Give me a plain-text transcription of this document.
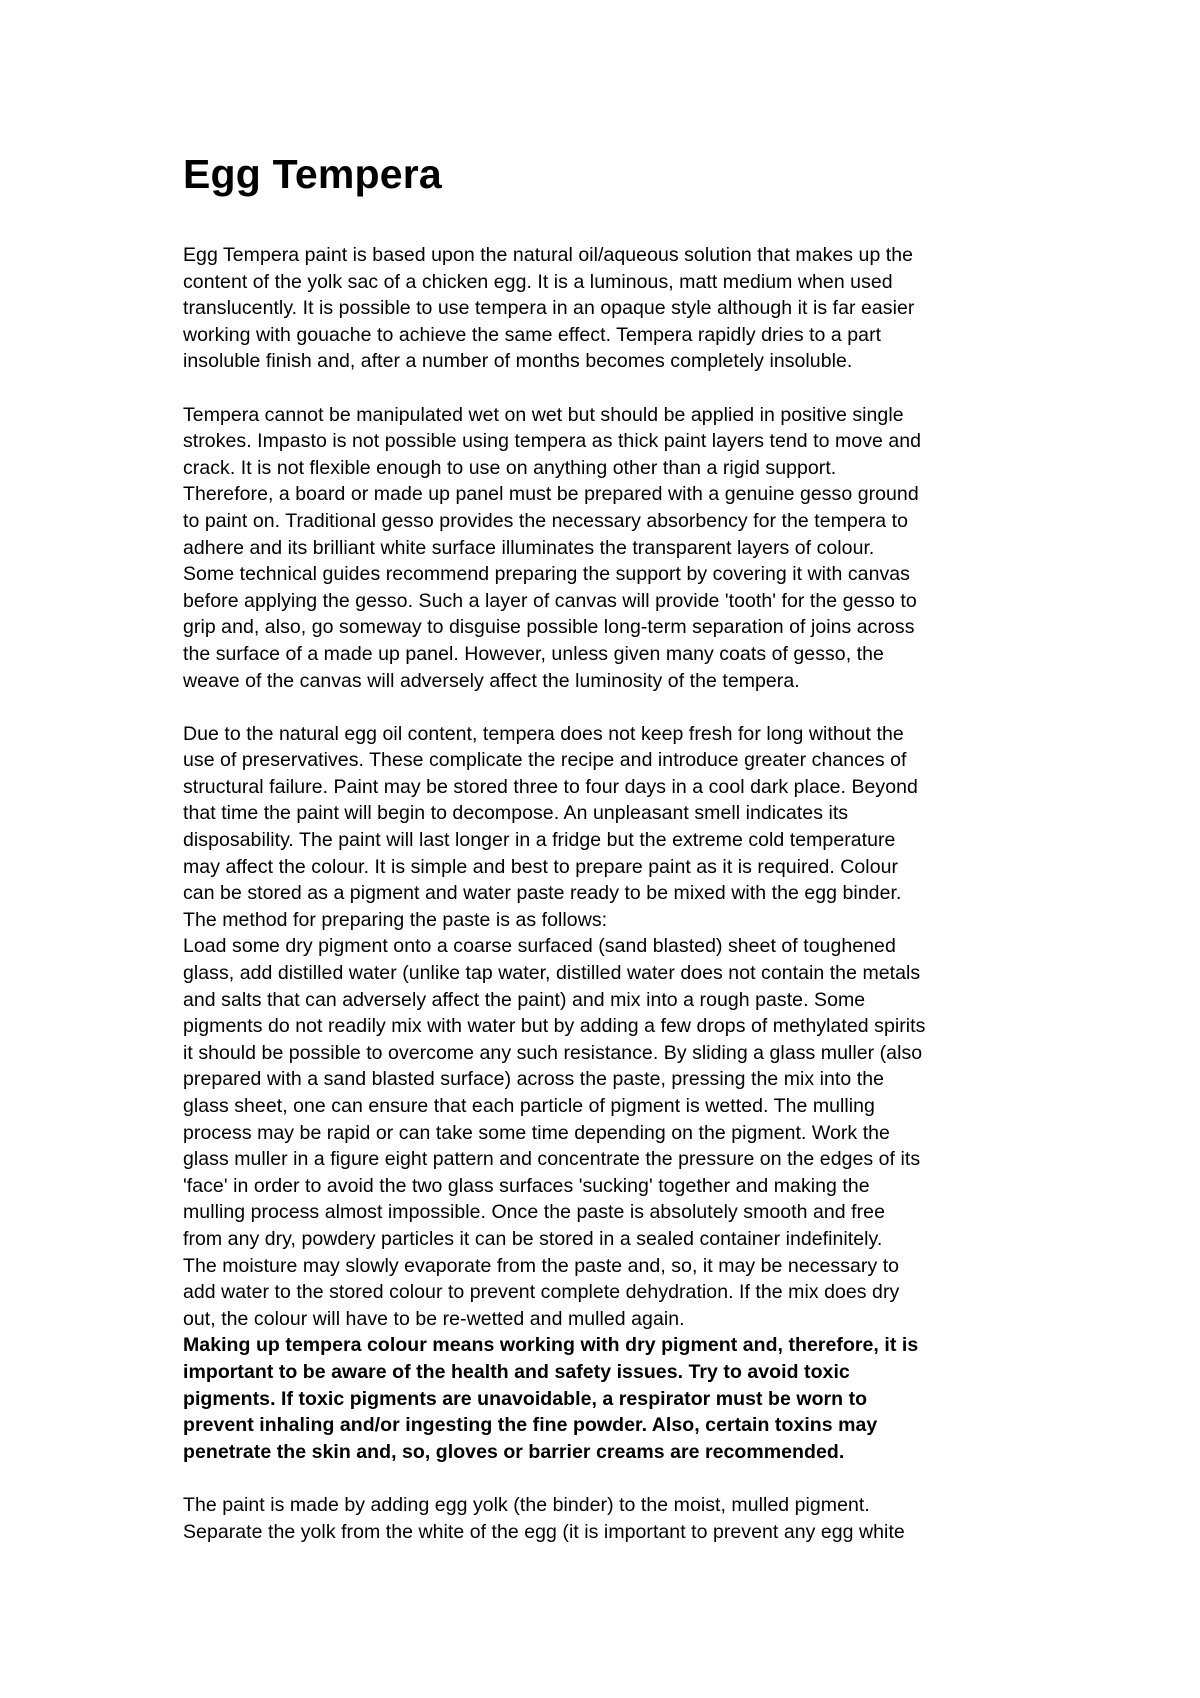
Egg Tempera

Egg Tempera paint is based upon the natural oil/aqueous solution that makes up the
content of the yolk sac of a chicken egg. It is a luminous, matt medium when used
translucently. It is possible to use tempera in an opaque style although it is far easier
working with gouache to achieve the same effect. Tempera rapidly dries to a part
insoluble finish and, after a number of months becomes completely insoluble.

Tempera cannot be manipulated wet on wet but should be applied in positive single
strokes. Impasto is not possible using tempera as thick paint layers tend to move and
crack. It is not flexible enough to use on anything other than a rigid support.
Therefore, a board or made up panel must be prepared with a genuine gesso ground
to paint on. Traditional gesso provides the necessary absorbency for the tempera to
adhere and its brilliant white surface illuminates the transparent layers of colour.
Some technical guides recommend preparing the support by covering it with canvas
before applying the gesso. Such a layer of canvas will provide 'tooth' for the gesso to
grip and, also, go someway to disguise possible long-term separation of joins across
the surface of a made up panel. However, unless given many coats of gesso, the
weave of the canvas will adversely affect the luminosity of the tempera.

Due to the natural egg oil content, tempera does not keep fresh for long without the
use of preservatives. These complicate the recipe and introduce greater chances of
structural failure. Paint may be stored three to four days in a cool dark place. Beyond
that time the paint will begin to decompose. An unpleasant smell indicates its
disposability. The paint will last longer in a fridge but the extreme cold temperature
may affect the colour. It is simple and best to prepare paint as it is required. Colour
can be stored as a pigment and water paste ready to be mixed with the egg binder.
The method for preparing the paste is as follows:
Load some dry pigment onto a coarse surfaced (sand blasted) sheet of toughened
glass, add distilled water (unlike tap water, distilled water does not contain the metals
and salts that can adversely affect the paint) and mix into a rough paste. Some
pigments do not readily mix with water but by adding a few drops of methylated spirits
it should be possible to overcome any such resistance. By sliding a glass muller (also
prepared with a sand blasted surface) across the paste, pressing the mix into the
glass sheet, one can ensure that each particle of pigment is wetted. The mulling
process may be rapid or can take some time depending on the pigment. Work the
glass muller in a figure eight pattern and concentrate the pressure on the edges of its
'face' in order to avoid the two glass surfaces 'sucking' together and making the
mulling process almost impossible. Once the paste is absolutely smooth and free
from any dry, powdery particles it can be stored in a sealed container indefinitely.
The moisture may slowly evaporate from the paste and, so, it may be necessary to
add water to the stored colour to prevent complete dehydration. If the mix does dry
out, the colour will have to be re-wetted and mulled again.
Making up tempera colour means working with dry pigment and, therefore, it is
important to be aware of the health and safety issues. Try to avoid toxic
pigments. If toxic pigments are unavoidable, a respirator must be worn to
prevent inhaling and/or ingesting the fine powder. Also, certain toxins may
penetrate the skin and, so, gloves or barrier creams are recommended.

The paint is made by adding egg yolk (the binder) to the moist, mulled pigment.
Separate the yolk from the white of the egg (it is important to prevent any egg white
